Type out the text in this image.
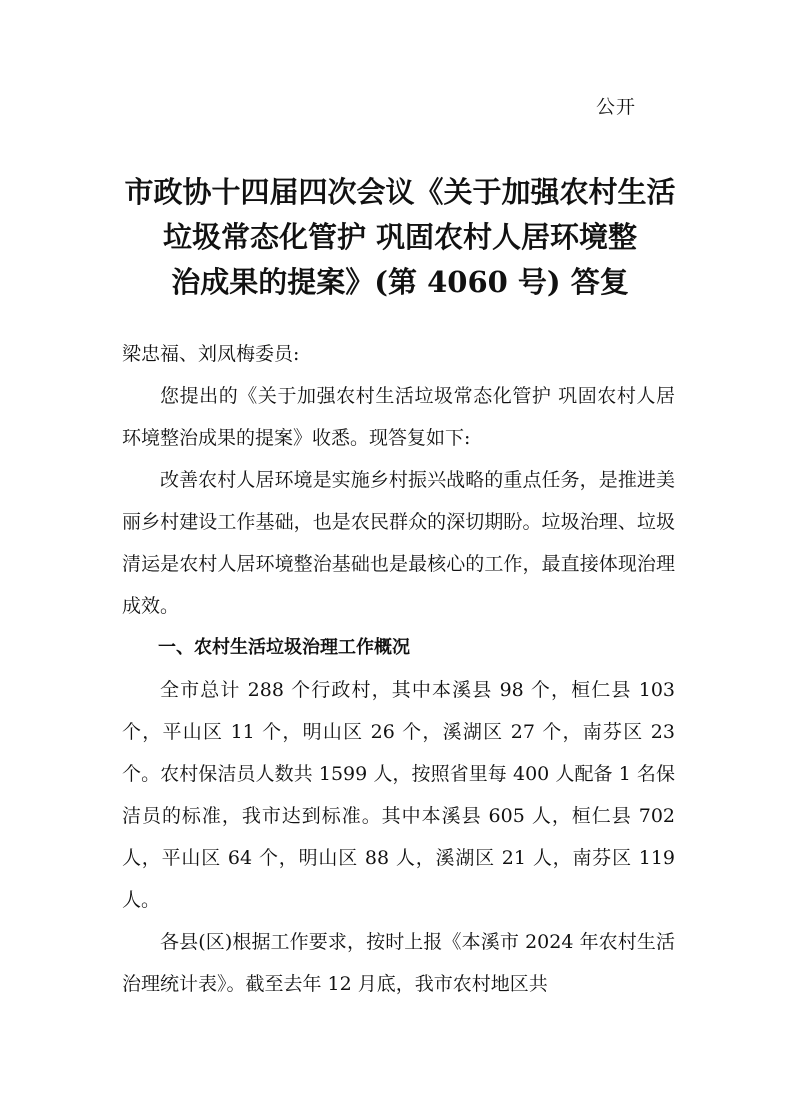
公开
市政协十四届四次会议《关于加强农村生活
垃圾常态化管护 巩固农村人居环境整
治成果的提案》(第 4060 号) 答复

梁忠福、刘凤梅委员:

您提出的《关于加强农村生活垃圾常态化管护 巩固农村人居环境整治成果的提案》收悉。现答复如下:

改善农村人居环境是实施乡村振兴战略的重点任务，是推进美丽乡村建设工作基础，也是农民群众的深切期盼。垃圾治理、垃圾清运是农村人居环境整治基础也是最核心的工作，最直接体现治理成效。

一、农村生活垃圾治理工作概况

全市总计 288 个行政村，其中本溪县 98 个，桓仁县 103 个，平山区 11 个，明山区 26 个，溪湖区 27 个，南芬区 23 个。农村保洁员人数共 1599 人，按照省里每 400 人配备 1 名保洁员的标准，我市达到标准。其中本溪县 605 人，桓仁县 702 人，平山区 64 个，明山区 88 人，溪湖区 21 人，南芬区 119 人。

各县(区)根据工作要求，按时上报《本溪市 2024 年农村生活治理统计表》。截至去年 12 月底，我市农村地区共
